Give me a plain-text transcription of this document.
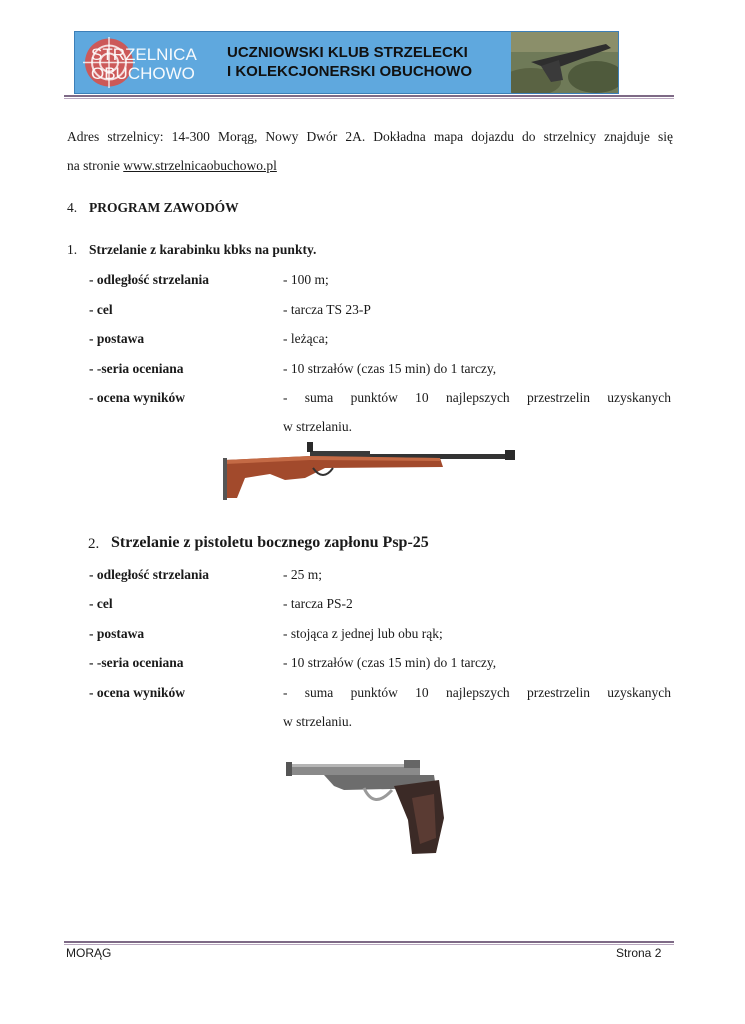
STRZELNICA
OBUCHOWO
UCZNIOWSKI KLUB STRZELECKI
I KOLEKCJONERSKI OBUCHOWO
Adres strzelnicy: 14-300 Morąg, Nowy Dwór 2A. Dokładna mapa dojazdu do strzelnicy znajduje się
na stronie www.strzelnicaobuchowo.pl
4. PROGRAM ZAWODÓW
1. Strzelanie z karabinku kbks na punkty.
- odległość strzelania	- 100 m;
- cel	- tarcza TS 23-P
- postawa	- leżąca;
- -seria oceniana	- 10 strzałów (czas 15 min) do 1 tarczy,
- ocena wyników	- suma punktów 10 najlepszych przestrzelin uzyskanych
w strzelaniu.
2. Strzelanie z pistoletu bocznego zapłonu Psp-25
- odległość strzelania	- 25 m;
- cel	- tarcza PS-2
- postawa	- stojąca z jednej lub obu rąk;
- -seria oceniana	- 10 strzałów (czas 15 min) do 1 tarczy,
- ocena wyników	- suma punktów 10 najlepszych przestrzelin uzyskanych
w strzelaniu.
MORĄG	Strona 2
